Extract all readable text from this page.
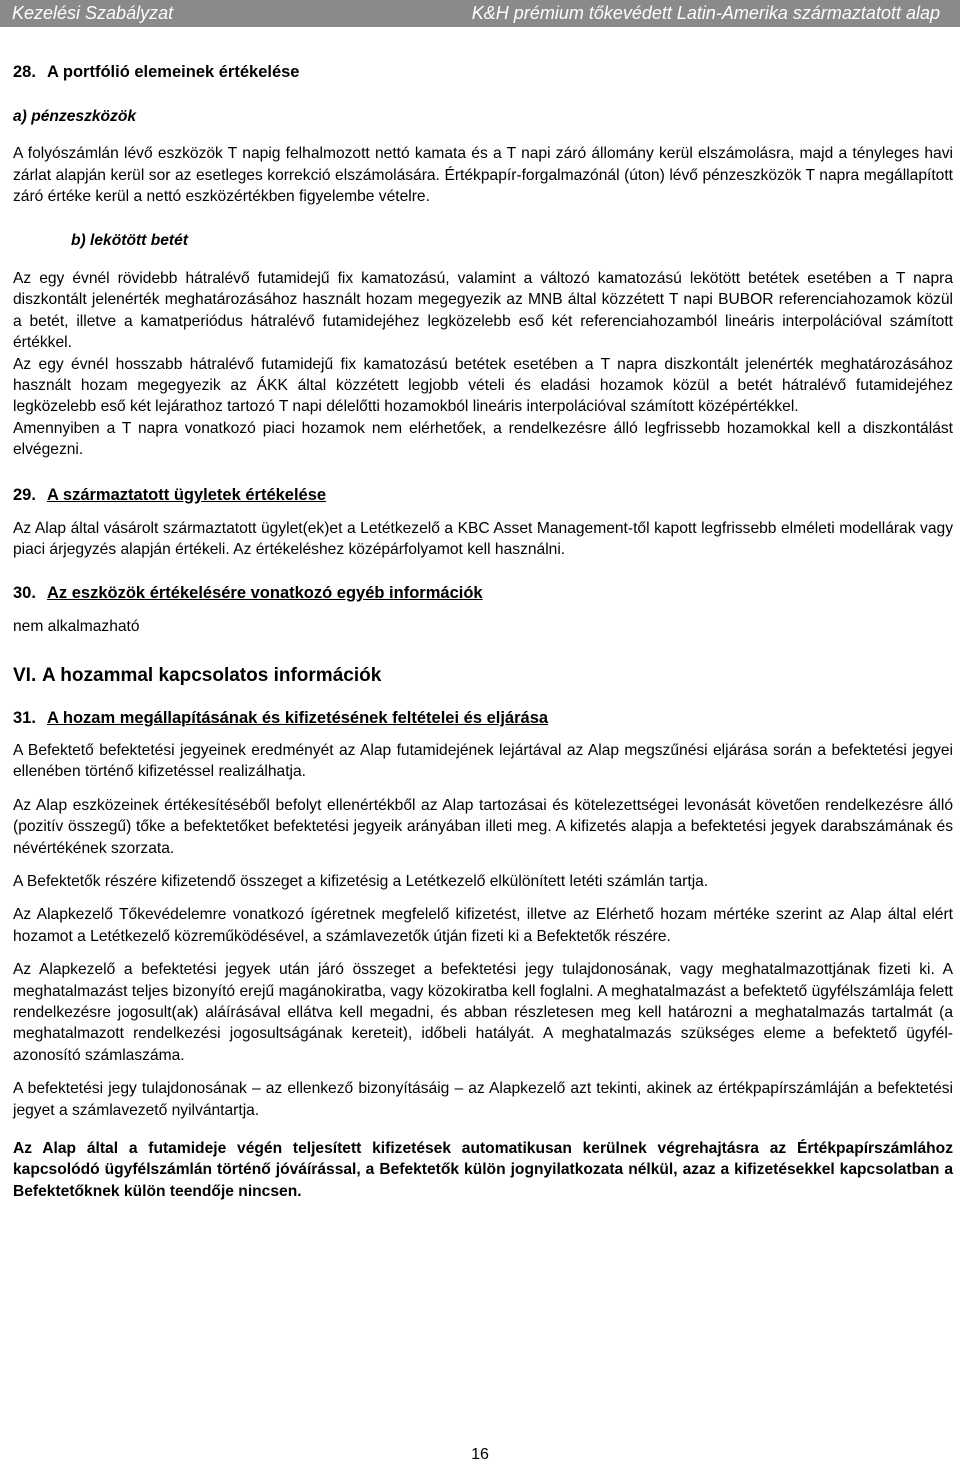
Kezelési Szabályzat	K&H prémium tőkevédett Latin-Amerika származtatott alap
28. A portfólió elemeinek értékelése
a) pénzeszközök

A folyószámlán lévő eszközök T napig felhalmozott nettó kamata és a T napi záró állomány kerül elszámolásra, majd a tényleges havi zárlat alapján kerül sor az esetleges korrekció elszámolására. Értékpapír-forgalmazónál (úton) lévő pénzeszközök T napra megállapított záró értéke kerül a nettó eszközértékben figyelembe vételre.

b) lekötött betét

Az egy évnél rövidebb hátralévő futamidejű fix kamatozású, valamint a változó kamatozású lekötött betétek esetében a T napra diszkontált jelenérték meghatározásához használt hozam megegyezik az MNB által közzétett T napi BUBOR referenciahozamok közül a betét, illetve a kamatperiódus hátralévő futamidejéhez legközelebb eső két referenciahozamból lineáris interpolációval számított értékkel.

Az egy évnél hosszabb hátralévő futamidejű fix kamatozású betétek esetében a T napra diszkontált jelenérték meghatározásához használt hozam megegyezik az ÁKK által közzétett legjobb vételi és eladási hozamok közül a betét hátralévő futamidejéhez legközelebb eső két lejárathoz tartozó T napi délelőtti hozamokból lineáris interpolációval számított középértékkel.

Amennyiben a T napra vonatkozó piaci hozamok nem elérhetőek, a rendelkezésre álló legfrissebb hozamokkal kell a diszkontálást elvégezni.

29. A származtatott ügyletek értékelése

Az Alap által vásárolt származtatott ügylet(ek)et a Letétkezelő a KBC Asset Management-től kapott legfrissebb elméleti modellárak vagy piaci árjegyzés alapján értékeli. Az értékeléshez középárfolyamot kell használni.

30. Az eszközök értékelésére vonatkozó egyéb információk

nem alkalmazható

VI. A hozammal kapcsolatos információk
31. A hozam megállapításának és kifizetésének feltételei és eljárása

A Befektető befektetési jegyeinek eredményét az Alap futamidejének lejártával az Alap megszűnési eljárása során a befektetési jegyei ellenében történő kifizetéssel realizálhatja.

Az Alap eszközeinek értékesítéséből befolyt ellenértékből az Alap tartozásai és kötelezettségei levonását követően rendelkezésre álló (pozitív összegű) tőke a befektetőket befektetési jegyeik arányában illeti meg. A kifizetés alapja a befektetési jegyek darabszámának és névértékének szorzata.

A Befektetők részére kifizetendő összeget a kifizetésig a Letétkezelő elkülönített letéti számlán tartja.

Az Alapkezelő Tőkevédelemre vonatkozó ígéretnek megfelelő kifizetést, illetve az Elérhető hozam mértéke szerint az Alap által elért hozamot a Letétkezelő közreműködésével, a számlavezetők útján fizeti ki a Befektetők részére.

Az Alapkezelő a befektetési jegyek után járó összeget a befektetési jegy tulajdonosának, vagy meghatalmazottjának fizeti ki. A meghatalmazást teljes bizonyító erejű magánokiratba, vagy közokiratba kell foglalni. A meghatalmazást a befektető ügyfélszámlája felett rendelkezésre jogosult(ak) aláírásával ellátva kell megadni, és abban részletesen meg kell határozni a meghatalmazás tartalmát (a meghatalmazott rendelkezési jogosultságának kereteit), időbeli hatályát. A meghatalmazás szükséges eleme a befektető ügyfél-azonosító számlaszáma.

A befektetési jegy tulajdonosának – az ellenkező bizonyításáig – az Alapkezelő azt tekinti, akinek az értékpapírszámláján a befektetési jegyet a számlavezető nyilvántartja.

Az Alap által a futamideje végén teljesített kifizetések automatikusan kerülnek végrehajtásra az Értékpapírszámlához kapcsolódó ügyfélszámlán történő jóváírással, a Befektetők külön jognyilatkozata nélkül, azaz a kifizetésekkel kapcsolatban a Befektetőknek külön teendője nincsen.

16
